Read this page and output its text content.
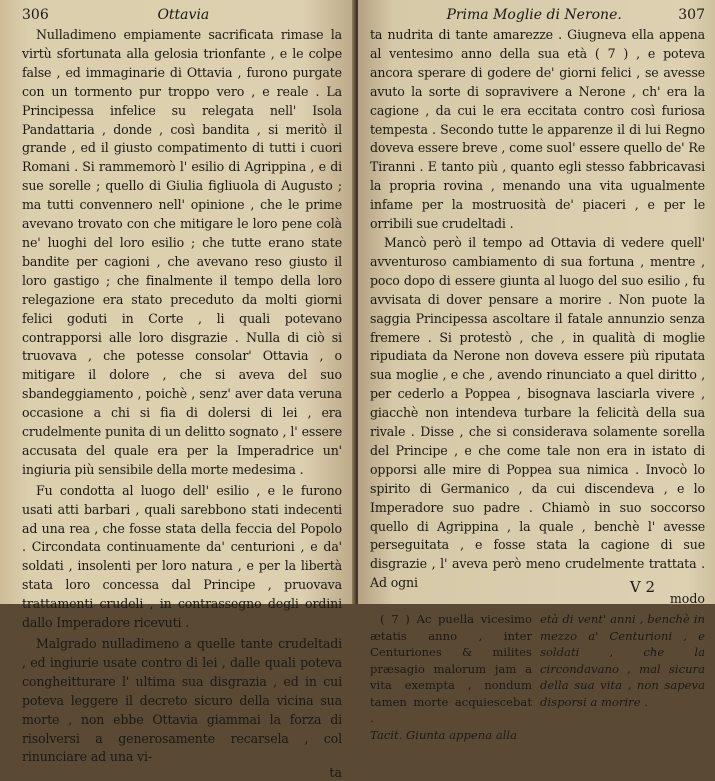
306	Ottavia

Nulladimeno empiamente sacrificata rimase la virtù sfortunata alla gelosia trionfante , e le colpe false , ed immaginarie di Ottavia , furono purgate con un tormento pur troppo vero , e reale . La Principessa infelice su relegata nell' Isola Pandattaria , donde , così bandita , si meritò il grande , ed il giusto compatimento di tutti i cuori Romani . Si rammemorò l' esilio di Agrippina , e di sue sorelle ; quello di Giulia figliuola di Augusto ; ma tutti convennero nell' opinione , che le prime avevano trovato con che mitigare le loro pene colà ne' luoghi del loro esilio ; che tutte erano state bandite per cagioni , che avevano reso giusto il loro gastigo ; che finalmente il tempo della loro relegazione era stato preceduto da molti giorni felici goduti in Corte , li quali potevano contrapporsi alle loro disgrazie . Nulla di ciò si truovava , che potesse consolar' Ottavia , o mitigare il dolore , che si aveva del suo sbandeggiamento , poichè , senz' aver data veruna occasione a chi si fia di dolersi di lei , era crudelmente punita di un delitto sognato , l' essere accusata del quale era per la Imperadrice un' ingiuria più sensibile della morte medesima .

Fu condotta al luogo dell' esilio , e le furono usati atti barbari , quali sarebbono stati indecenti ad una rea , che fosse stata della feccia del Popolo . Circondata continuamente da' centurioni , e da' soldati , insolenti per loro natura , e per la libertà stata loro concessa dal Principe , pruovava trattamenti crudeli , in contrassegno degli ordini dallo Imperadore ricevuti .

Malgrado nulladimeno a quelle tante crudeltadi , ed ingiurie usate contro di lei , dalle quali poteva congheitturare l' ultima sua disgrazia , ed in cui poteva leggere il decreto sicuro della vicina sua morte , non ebbe Ottavia giammai la forza di risolversi a generosamente recarsela , col rinunciare ad una vi-

ta
Prima Moglie di Nerone.	307

ta nudrita di tante amarezze . Giugneva ella appena al ventesimo anno della sua età ( 7 ) , e poteva ancora sperare di godere de' giorni felici , se avesse avuto la sorte di sopravivere a Nerone , ch' era la cagione , da cui le era eccitata contro così furiosa tempesta . Secondo tutte le apparenze il di lui Regno doveva essere breve , come suol' essere quello de' Re Tiranni . E tanto più , quanto egli stesso fabbricavasi la propria rovina , menando una vita ugualmente infame per la mostruosità de' piaceri , e per le orribili sue crudeltadi .

Mancò però il tempo ad Ottavia di vedere quell' avventuroso cambiamento di sua fortuna , mentre , poco dopo di essere giunta al luogo del suo esilio , fu avvisata di dover pensare a morire . Non puote la saggia Principessa ascoltare il fatale annunzio senza fremere . Si protestò , che , in qualità di moglie ripudiata da Nerone non doveva essere più riputata sua moglie , e che , avendo rinunciato a quel diritto , per cederlo a Poppea , bisognava lasciarla vivere , giacchè non intendeva turbare la felicità della sua rivale . Disse , che si considerava solamente sorella del Principe , e che come tale non era in istato di opporsi alle mire di Poppea sua nimica . Invocò lo spirito di Germanico , da cui discendeva , e lo Imperadore suo padre . Chiamò in suo soccorso quello di Agrippina , la quale , benchè l' avesse perseguitata , e fosse stata la cagione di sue disgrazie , l' aveva però meno crudelmente trattata . Ad ogni

modo

( 7 ) Ac puella vicesimo ætatis anno , inter Centuriones & milites præsagio malorum jam a vita exempta , nondum tamen morte acquiescebat .

Tacit. Giunta appena alla

età di vent' anni , benchè in mezzo a' Centurioni , e soldati , che la circondavano , mal sicura della sua vita , non sapeva disporsi a morire .

V 2
